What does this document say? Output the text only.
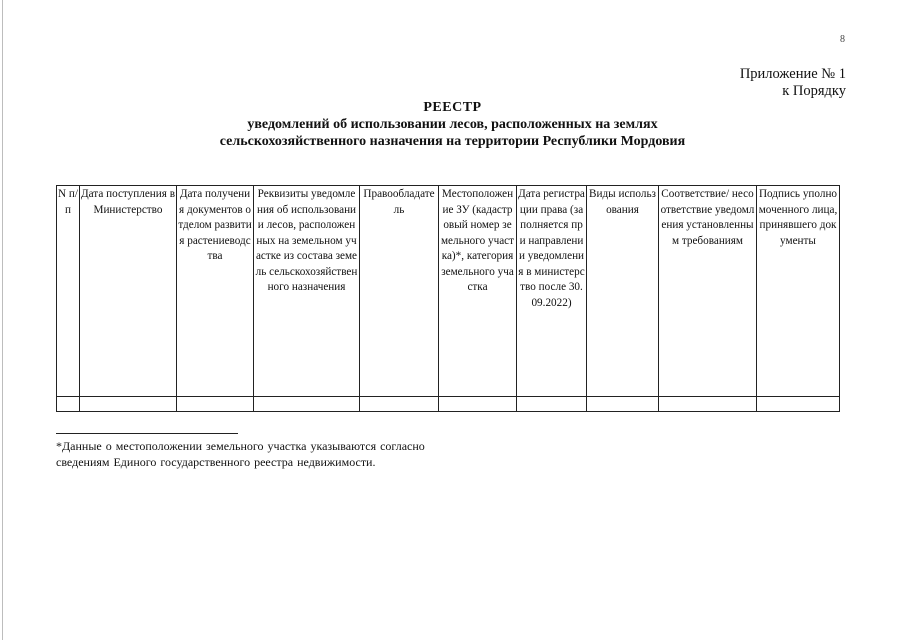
8
Приложение № 1
к Порядку
РЕЕСТР
уведомлений об использовании лесов, расположенных на землях
сельскохозяйственного назначения на территории Республики Мордовия
N п/п	Дата поступления в Министерство	Дата получения документов отделом развития растениеводства	Реквизиты уведомления об использовании лесов, расположенных на земельном участке из состава земель сельскохозяйственного назначения	Правообладатель	Местоположение ЗУ (кадастровый номер земельного участка)*, категория земельного участка	Дата регистрации права (заполняется при направлении уведомления в министерство после 30.09.2022)	Виды использования	Соответствие/ несоответствие уведомления установленным требованиям	Подпись уполномоченного лица, принявшего документы

*Данные о местоположении земельного участка указываются согласно
сведениям Единого государственного реестра недвижимости.
